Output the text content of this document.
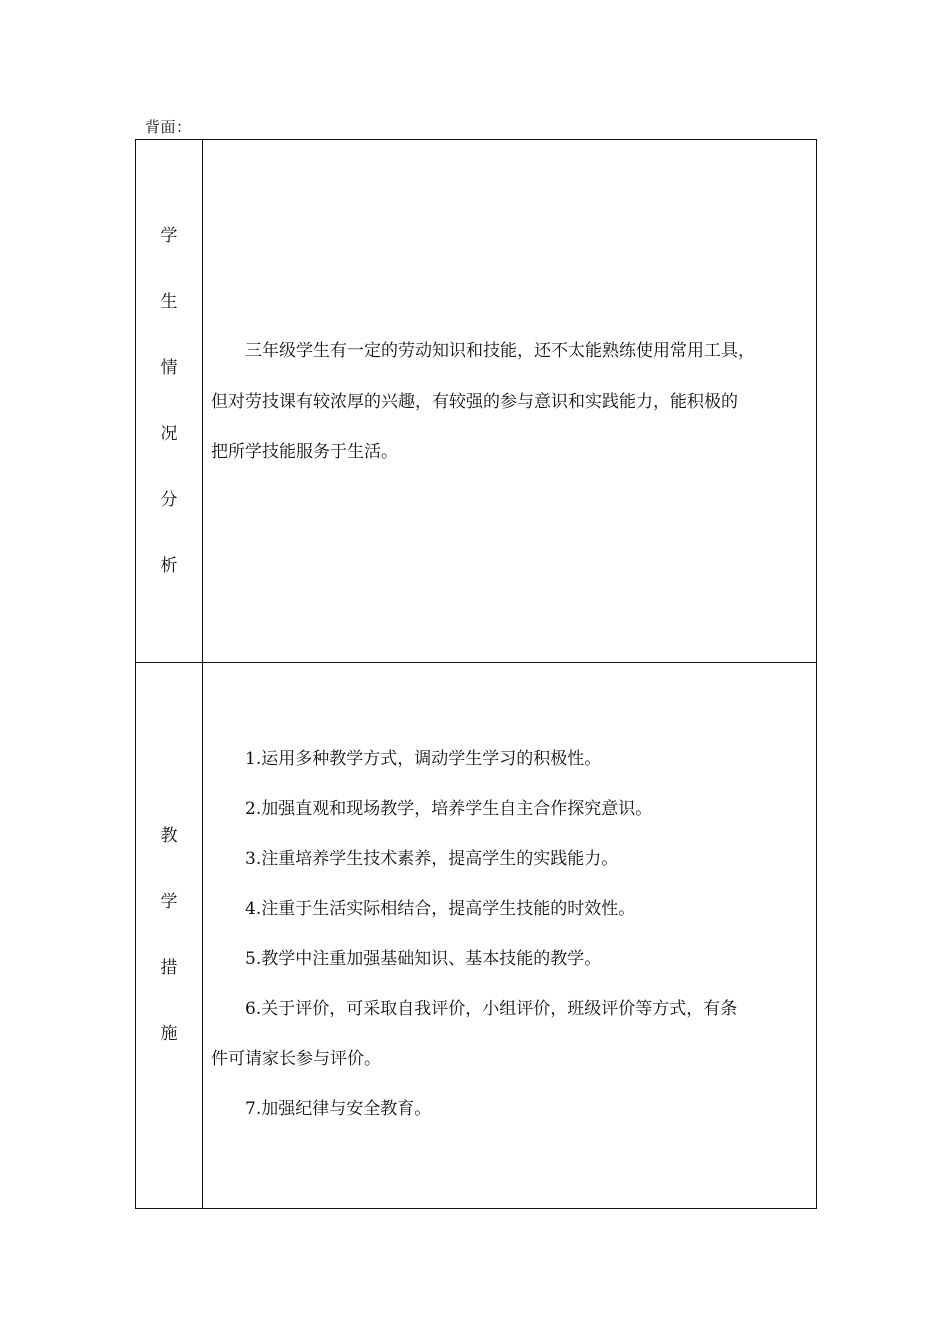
背面：
学
生
情
况
分
析
　　三年级学生有一定的劳动知识和技能，还不太能熟练使用常用工具，
但对劳技课有较浓厚的兴趣，有较强的参与意识和实践能力，能积极的
把所学技能服务于生活。
教
学
措
施
　　1.运用多种教学方式，调动学生学习的积极性。
　　2.加强直观和现场教学，培养学生自主合作探究意识。
　　3.注重培养学生技术素养，提高学生的实践能力。
　　4.注重于生活实际相结合，提高学生技能的时效性。
　　5.教学中注重加强基础知识、基本技能的教学。
　　6.关于评价，可采取自我评价，小组评价，班级评价等方式，有条
件可请家长参与评价。
　　7.加强纪律与安全教育。
